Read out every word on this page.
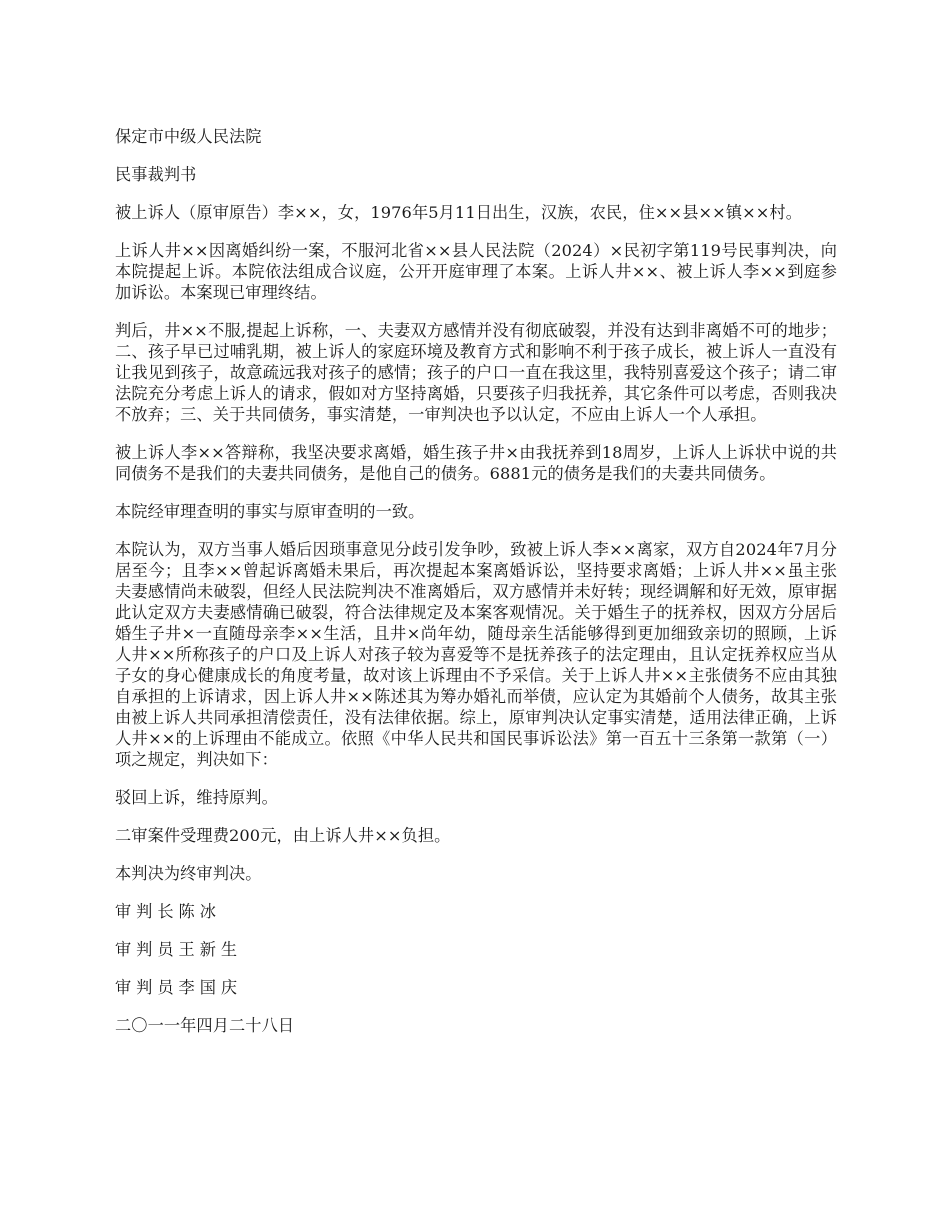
保定市中级人民法院

民事裁判书

被上诉人（原审原告）李××，女，1976年5月11日出生，汉族，农民，住××县××镇××村。

上诉人井××因离婚纠纷一案，不服河北省××县人民法院（2024）×民初字第119号民事判决，向本院提起上诉。本院依法组成合议庭，公开开庭审理了本案。上诉人井××、被上诉人李××到庭参加诉讼。本案现已审理终结。

判后，井××不服,提起上诉称，一、夫妻双方感情并没有彻底破裂，并没有达到非离婚不可的地步；二、孩子早已过哺乳期，被上诉人的家庭环境及教育方式和影响不利于孩子成长，被上诉人一直没有让我见到孩子，故意疏远我对孩子的感情；孩子的户口一直在我这里，我特别喜爱这个孩子；请二审法院充分考虑上诉人的请求，假如对方坚持离婚，只要孩子归我抚养，其它条件可以考虑，否则我决不放弃；三、关于共同债务，事实清楚，一审判决也予以认定，不应由上诉人一个人承担。

被上诉人李××答辩称，我坚决要求离婚，婚生孩子井×由我抚养到18周岁，上诉人上诉状中说的共同债务不是我们的夫妻共同债务，是他自己的债务。6881元的债务是我们的夫妻共同债务。

本院经审理查明的事实与原审查明的一致。

本院认为，双方当事人婚后因琐事意见分歧引发争吵，致被上诉人李××离家，双方自2024年7月分居至今；且李××曾起诉离婚未果后，再次提起本案离婚诉讼，坚持要求离婚；上诉人井××虽主张夫妻感情尚未破裂，但经人民法院判决不准离婚后，双方感情并未好转；现经调解和好无效，原审据此认定双方夫妻感情确已破裂，符合法律规定及本案客观情况。关于婚生子的抚养权，因双方分居后婚生子井×一直随母亲李××生活，且井×尚年幼，随母亲生活能够得到更加细致亲切的照顾，上诉人井××所称孩子的户口及上诉人对孩子较为喜爱等不是抚养孩子的法定理由，且认定抚养权应当从子女的身心健康成长的角度考量，故对该上诉理由不予采信。关于上诉人井××主张债务不应由其独自承担的上诉请求，因上诉人井××陈述其为筹办婚礼而举债，应认定为其婚前个人债务，故其主张由被上诉人共同承担清偿责任，没有法律依据。综上，原审判决认定事实清楚，适用法律正确，上诉人井××的上诉理由不能成立。依照《中华人民共和国民事诉讼法》第一百五十三条第一款第（一）项之规定，判决如下：

驳回上诉，维持原判。

二审案件受理费200元，由上诉人井××负担。

本判决为终审判决。

审判长陈冰

审判员王新生

审判员李国庆

二〇一一年四月二十八日
